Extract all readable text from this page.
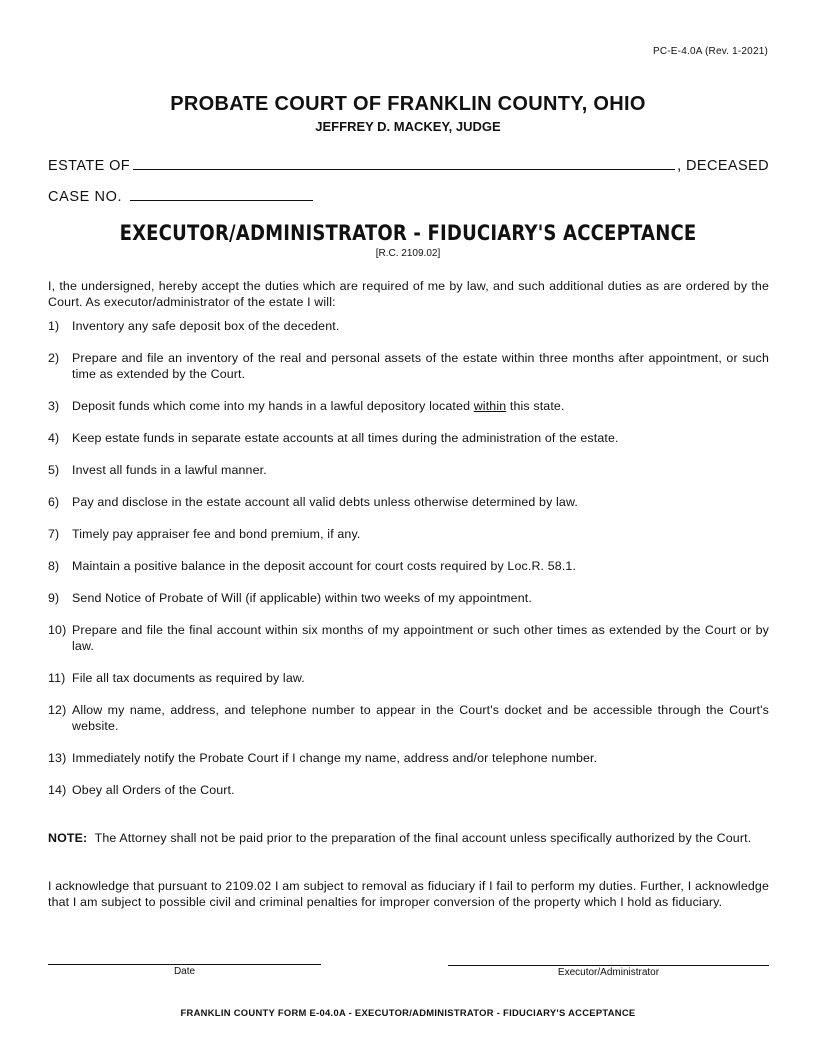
PC-E-4.0A (Rev. 1-2021)
PROBATE COURT OF FRANKLIN COUNTY, OHIO
JEFFREY D. MACKEY, JUDGE
ESTATE OF	, DECEASED
CASE NO.
EXECUTOR/ADMINISTRATOR - FIDUCIARY'S ACCEPTANCE
[R.C. 2109.02]
I, the undersigned, hereby accept the duties which are required of me by law, and such additional duties as are ordered by the Court. As executor/administrator of the estate I will:
1) Inventory any safe deposit box of the decedent.
2) Prepare and file an inventory of the real and personal assets of the estate within three months after appointment, or such time as extended by the Court.
3) Deposit funds which come into my hands in a lawful depository located within this state.
4) Keep estate funds in separate estate accounts at all times during the administration of the estate.
5) Invest all funds in a lawful manner.
6) Pay and disclose in the estate account all valid debts unless otherwise determined by law.
7) Timely pay appraiser fee and bond premium, if any.
8) Maintain a positive balance in the deposit account for court costs required by Loc.R. 58.1.
9) Send Notice of Probate of Will (if applicable) within two weeks of my appointment.
10) Prepare and file the final account within six months of my appointment or such other times as extended by the Court or by law.
11) File all tax documents as required by law.
12) Allow my name, address, and telephone number to appear in the Court's docket and be accessible through the Court's website.
13) Immediately notify the Probate Court if I change my name, address and/or telephone number.
14) Obey all Orders of the Court.
NOTE: The Attorney shall not be paid prior to the preparation of the final account unless specifically authorized by the Court.
I acknowledge that pursuant to 2109.02 I am subject to removal as fiduciary if I fail to perform my duties. Further, I acknowledge that I am subject to possible civil and criminal penalties for improper conversion of the property which I hold as fiduciary.
Date	Executor/Administrator
FRANKLIN COUNTY FORM E-04.0A - EXECUTOR/ADMINISTRATOR - FIDUCIARY'S ACCEPTANCE
